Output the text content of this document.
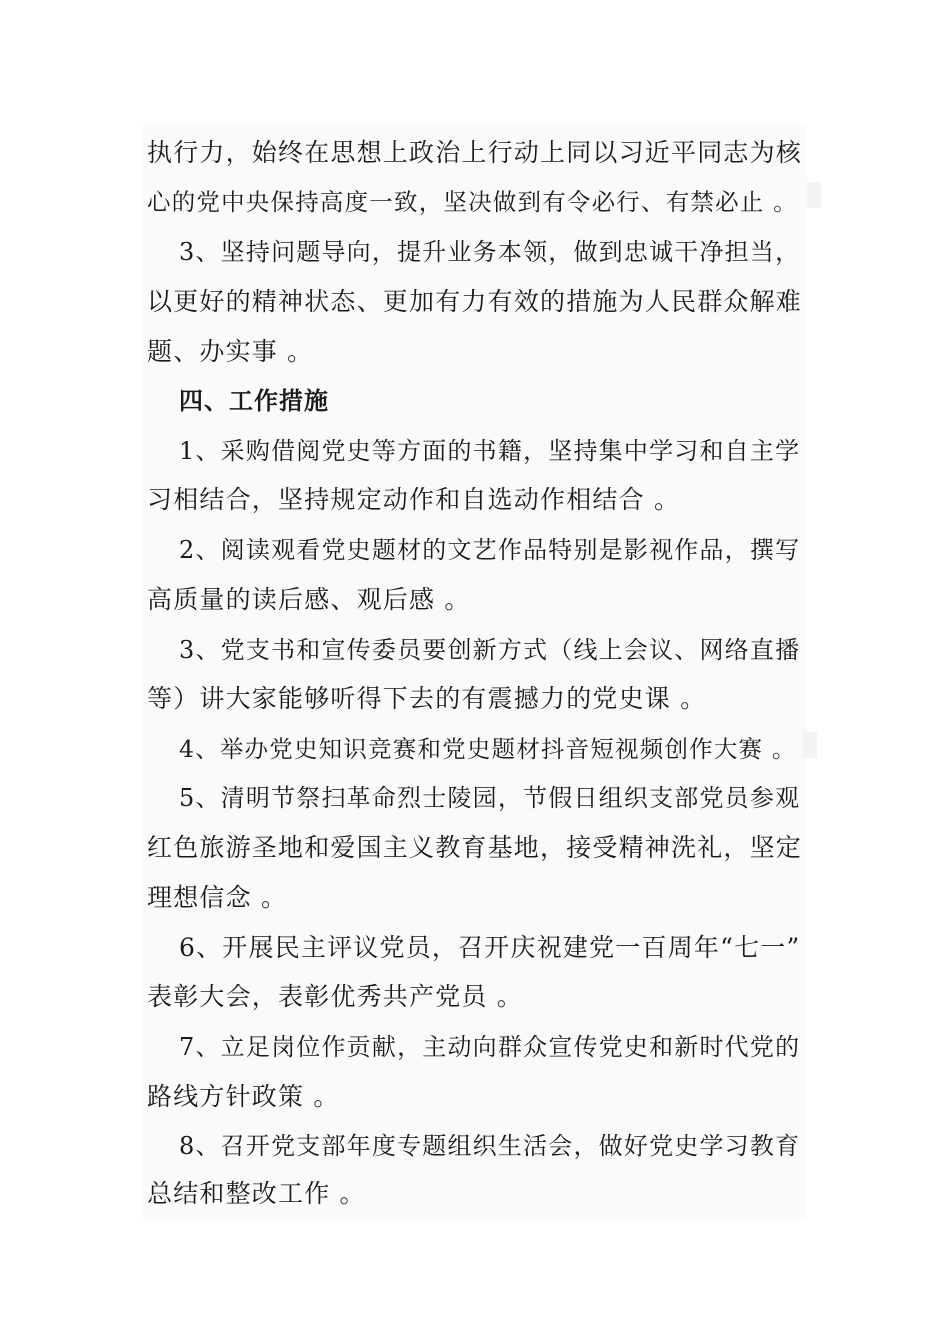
执行力，始终在思想上政治上行动上同以习近平同志为核
心的党中央保持高度一致，坚决做到有令必行、有禁必止 。
3、坚持问题导向，提升业务本领，做到忠诚干净担当，
以更好的精神状态、更加有力有效的措施为人民群众解难
题、办实事 。
四、工作措施
1、采购借阅党史等方面的书籍，坚持集中学习和自主学
习相结合，坚持规定动作和自选动作相结合 。
2、阅读观看党史题材的文艺作品特别是影视作品，撰写
高质量的读后感、观后感 。
3、党支书和宣传委员要创新方式（线上会议、网络直播
等）讲大家能够听得下去的有震撼力的党史课 。
4、举办党史知识竞赛和党史题材抖音短视频创作大赛 。
5、清明节祭扫革命烈士陵园，节假日组织支部党员参观
红色旅游圣地和爱国主义教育基地，接受精神洗礼，坚定
理想信念 。
6、开展民主评议党员，召开庆祝建党一百周年“七一”
表彰大会，表彰优秀共产党员 。
7、立足岗位作贡献，主动向群众宣传党史和新时代党的
路线方针政策 。
8、召开党支部年度专题组织生活会，做好党史学习教育
总结和整改工作 。
